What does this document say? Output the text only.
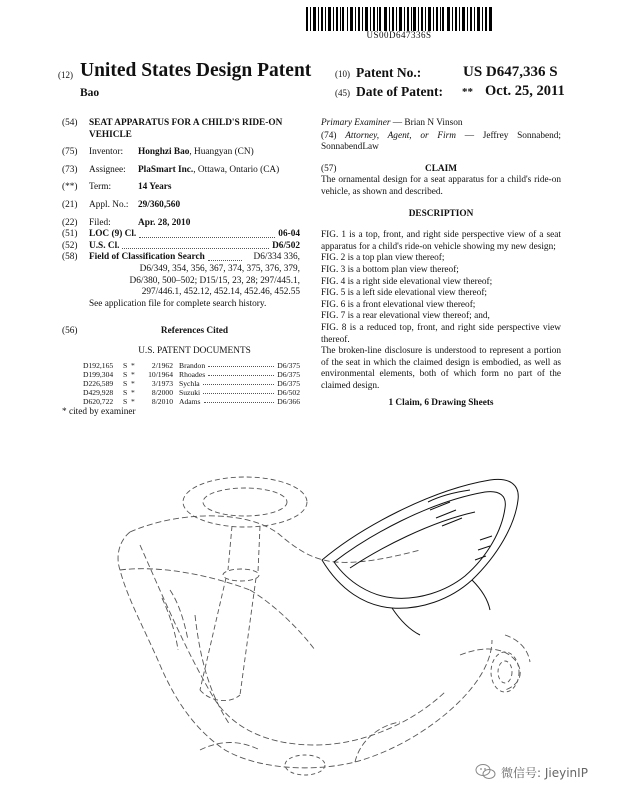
US00D647336S
(12) United States Design Patent	(10) Patent No.:	US D647,336 S
Bao	(45) Date of Patent: ** Oct. 25, 2011
(54)	SEAT APPARATUS FOR A CHILD'S RIDE-ON VEHICLE
(75)	Inventor:	Honghzi Bao , Huangyan (CN)
(73)	Assignee:	PlaSmart Inc. , Ottawa, Ontario (CA)
(**)	Term:	14 Years
(21)	Appl. No.:	29/360,560
(22)	Filed:	Apr. 28, 2010
(51)	LOC (9) Cl.	06-04
(52)	U.S. Cl.	D6/502
(58)	Field of Classification Search	D6/334 336,
D6/349, 354, 356, 367, 374, 375, 376, 379,
D6/380, 500–502; D15/15, 23, 28; 297/445.1,
297/446.1, 452.12, 452.14, 452.46, 452.55
See application file for complete search history.
(56)	References Cited
U.S. PATENT DOCUMENTS
D192,165	S *	2/1962 Brandon	D6/375
D199,304	S *	10/1964 Rhoades	D6/375
D226,589	S *	3/1973 Sychla	D6/375
D429,928	S *	8/2000 Suzuki	D6/502
D620,722	S *	8/2010 Adams	D6/366
* cited by examiner
Primary Examiner — Brian N Vinson
(74) Attorney, Agent, or Firm — Jeffrey Sonnabend; SonnabendLaw
(57)	CLAIM
The ornamental design for a seat apparatus for a child's ride-on vehicle, as shown and described.
DESCRIPTION
FIG. 1 is a top, front, and right side perspective view of a seat apparatus for a child's ride-on vehicle showing my new design;
FIG. 2 is a top plan view thereof;
FIG. 3 is a bottom plan view thereof;
FIG. 4 is a right side elevational view thereof;
FIG. 5 is a left side elevational view thereof;
FIG. 6 is a front elevational view thereof;
FIG. 7 is a rear elevational view thereof; and,
FIG. 8 is a reduced top, front, and right side perspective view thereof.
The broken-line disclosure is understood to represent a portion of the seat in which the claimed design is embodied, as well as environmental elements, both of which form no part of the claimed design.
1 Claim, 6 Drawing Sheets
微信号: JieyinIP
